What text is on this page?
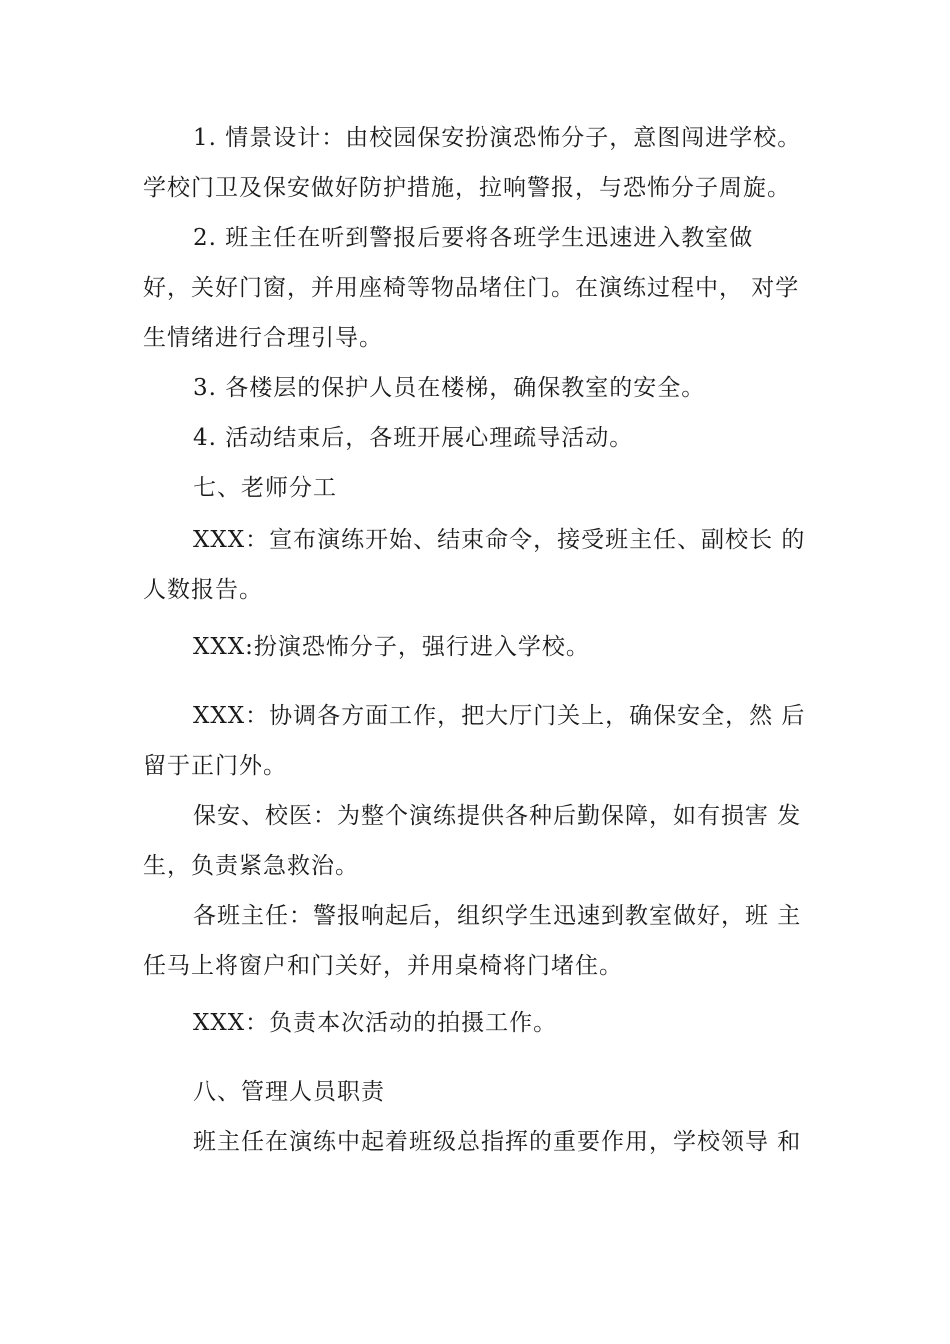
1. 情景设计：由校园保安扮演恐怖分子，意图闯进学校。
学校门卫及保安做好防护措施，拉响警报，与恐怖分子周旋。
2. 班主任在听到警报后要将各班学生迅速进入教室做
好，关好门窗，并用座椅等物品堵住门。在演练过程中， 对学
生情绪进行合理引导。
3. 各楼层的保护人员在楼梯，确保教室的安全。
4. 活动结束后，各班开展心理疏导活动。
七、老师分工
XXX：宣布演练开始、结束命令，接受班主任、副校长 的
人数报告。
XXX:扮演恐怖分子，强行进入学校。
XXX：协调各方面工作，把大厅门关上，确保安全，然 后
留于正门外。
保安、校医：为整个演练提供各种后勤保障，如有损害 发
生，负责紧急救治。
各班主任：警报响起后，组织学生迅速到教室做好，班 主
任马上将窗户和门关好，并用桌椅将门堵住。
XXX：负责本次活动的拍摄工作。
八、管理人员职责
班主任在演练中起着班级总指挥的重要作用，学校领导 和
